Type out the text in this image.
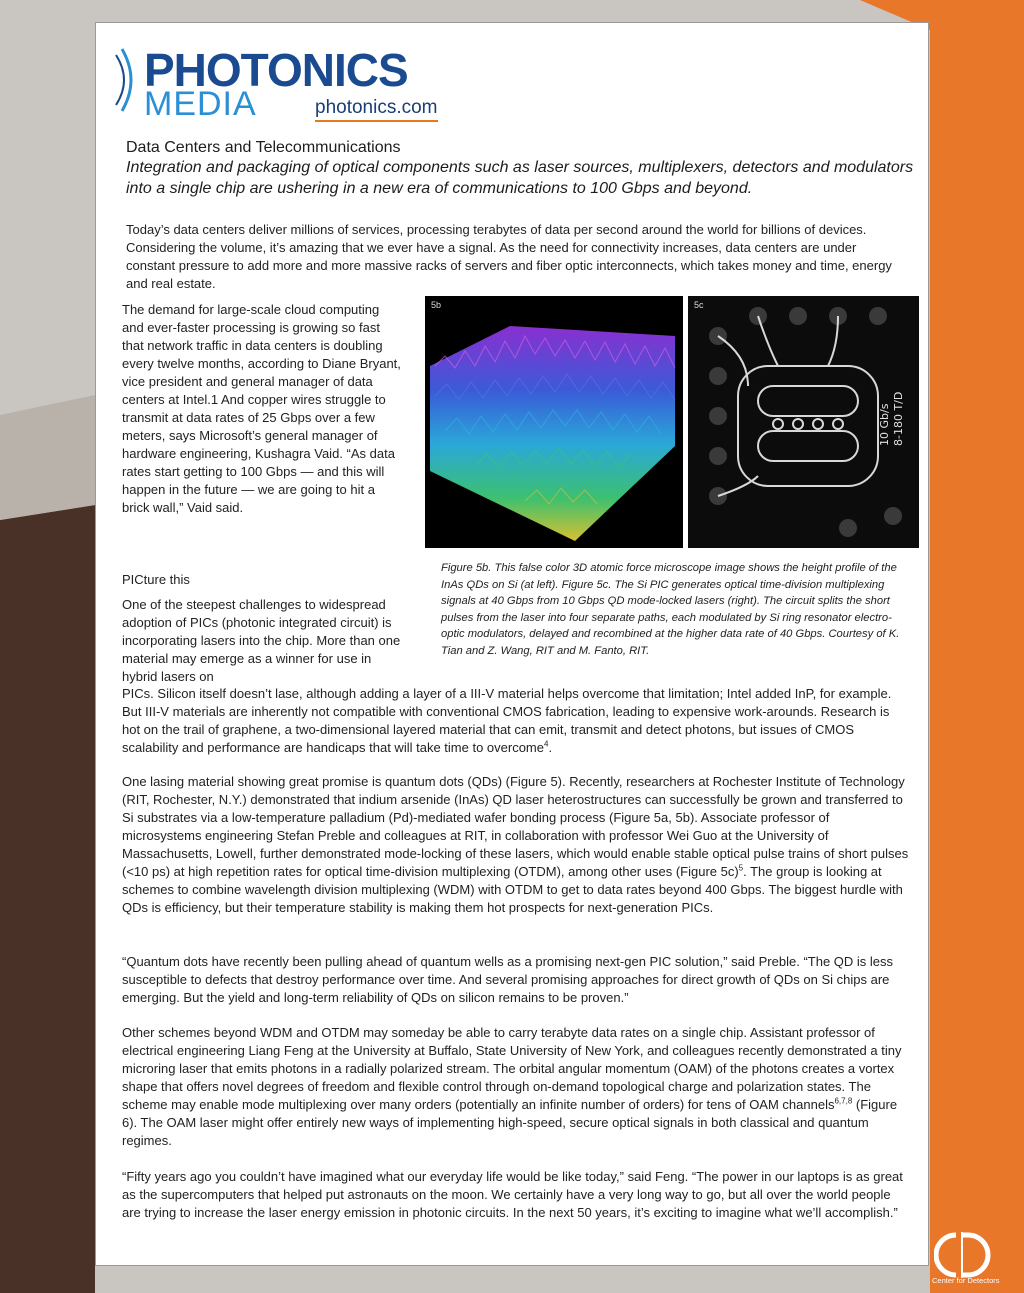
PHOTONICS
MEDIA	photonics.com
Data Centers and Telecommunications
Integration and packaging of optical components such as laser sources, multiplexers, detectors and modulators into a single chip are ushering in a new era of communications to 100 Gbps and beyond.
Today’s data centers deliver millions of services, processing terabytes of data per second around the world for billions of devices. Considering the volume, it’s amazing that we ever have a signal. As the need for connectivity increases, data centers are under constant pressure to add more and more massive racks of servers and fiber optic interconnects, which takes money and time, energy and real estate.
The demand for large-scale cloud computing and ever-faster processing is growing so fast that network traffic in data centers is doubling every twelve months, according to Diane Bryant, vice president and general manager of data centers at Intel.1 And copper wires struggle to transmit at data rates of 25 Gbps over a few meters, says Microsoft’s general manager of hardware engineering, Kushagra Vaid. “As data rates start getting to 100 Gbps — and this will happen in the future — we are going to hit a brick wall,” Vaid said.
PICture this
One of the steepest challenges to widespread adoption of PICs (photonic integrated circuit) is incorporating lasers into the chip. More than one material may emerge as a winner for use in hybrid lasers on
5b
10 Gb/s 8-180 T/D
5c
Figure 5b. This false color 3D atomic force microscope image shows the height profile of the InAs QDs on Si (at left). Figure 5c. The Si PIC generates optical time-division multiplexing signals at 40 Gbps from 10 Gbps QD mode-locked lasers (right). The circuit splits the short pulses from the laser into four separate paths, each modulated by Si ring resonator electro-optic modulators, delayed and recombined at the higher data rate of 40 Gbps. Courtesy of K. Tian and Z. Wang, RIT and M. Fanto, RIT.
PICs. Silicon itself doesn’t lase, although adding a layer of a III-V material helps overcome that limitation; Intel added InP, for example. But III-V materials are inherently not compatible with conventional CMOS fabrication, leading to expensive work-arounds. Research is hot on the trail of graphene, a two-dimensional layered material that can emit, transmit and detect photons, but issues of CMOS scalability and performance are handicaps that will take time to overcome$^4$.
One lasing material showing great promise is quantum dots (QDs) (Figure 5). Recently, researchers at Rochester Institute of Technology (RIT, Rochester, N.Y.) demonstrated that indium arsenide (InAs) QD laser heterostructures can successfully be grown and transferred to Si substrates via a low-temperature palladium (Pd)-mediated wafer bonding process (Figure 5a, 5b). Associate professor of microsystems engineering Stefan Preble and colleagues at RIT, in collaboration with professor Wei Guo at the University of Massachusetts, Lowell, further demonstrated mode-locking of these lasers, which would enable stable optical pulse trains of short pulses (<10 ps) at high repetition rates for optical time-division multiplexing (OTDM), among other uses (Figure 5c)$^5$. The group is looking at schemes to combine wavelength division multiplexing (WDM) with OTDM to get to data rates beyond 400 Gbps. The biggest hurdle with QDs is efficiency, but their temperature stability is making them hot prospects for next-generation PICs.
“Quantum dots have recently been pulling ahead of quantum wells as a promising next-gen PIC solution,” said Preble. “The QD is less susceptible to defects that destroy performance over time. And several promising approaches for direct growth of QDs on Si chips are emerging. But the yield and long-term reliability of QDs on silicon remains to be proven.”
Other schemes beyond WDM and OTDM may someday be able to carry terabyte data rates on a single chip. Assistant professor of electrical engineering Liang Feng at the University at Buffalo, State University of New York, and colleagues recently demonstrated a tiny microring laser that emits photons in a radially polarized stream. The orbital angular momentum (OAM) of the photons creates a vortex shape that offers novel degrees of freedom and flexible control through on-demand topological charge and polarization states. The scheme may enable mode multiplexing over many orders (potentially an infinite number of orders) for tens of OAM channels$^{6,7,8}$ (Figure 6). The OAM laser might offer entirely new ways of implementing high-speed, secure optical signals in both classical and quantum regimes.
“Fifty years ago you couldn’t have imagined what our everyday life would be like today,” said Feng. “The power in our laptops is as great as the supercomputers that helped put astronauts on the moon. We certainly have a very long way to go, but all over the world people are trying to increase the laser energy emission in photonic circuits. In the next 50 years, it’s exciting to imagine what we’ll accomplish.”
Center for Detectors
